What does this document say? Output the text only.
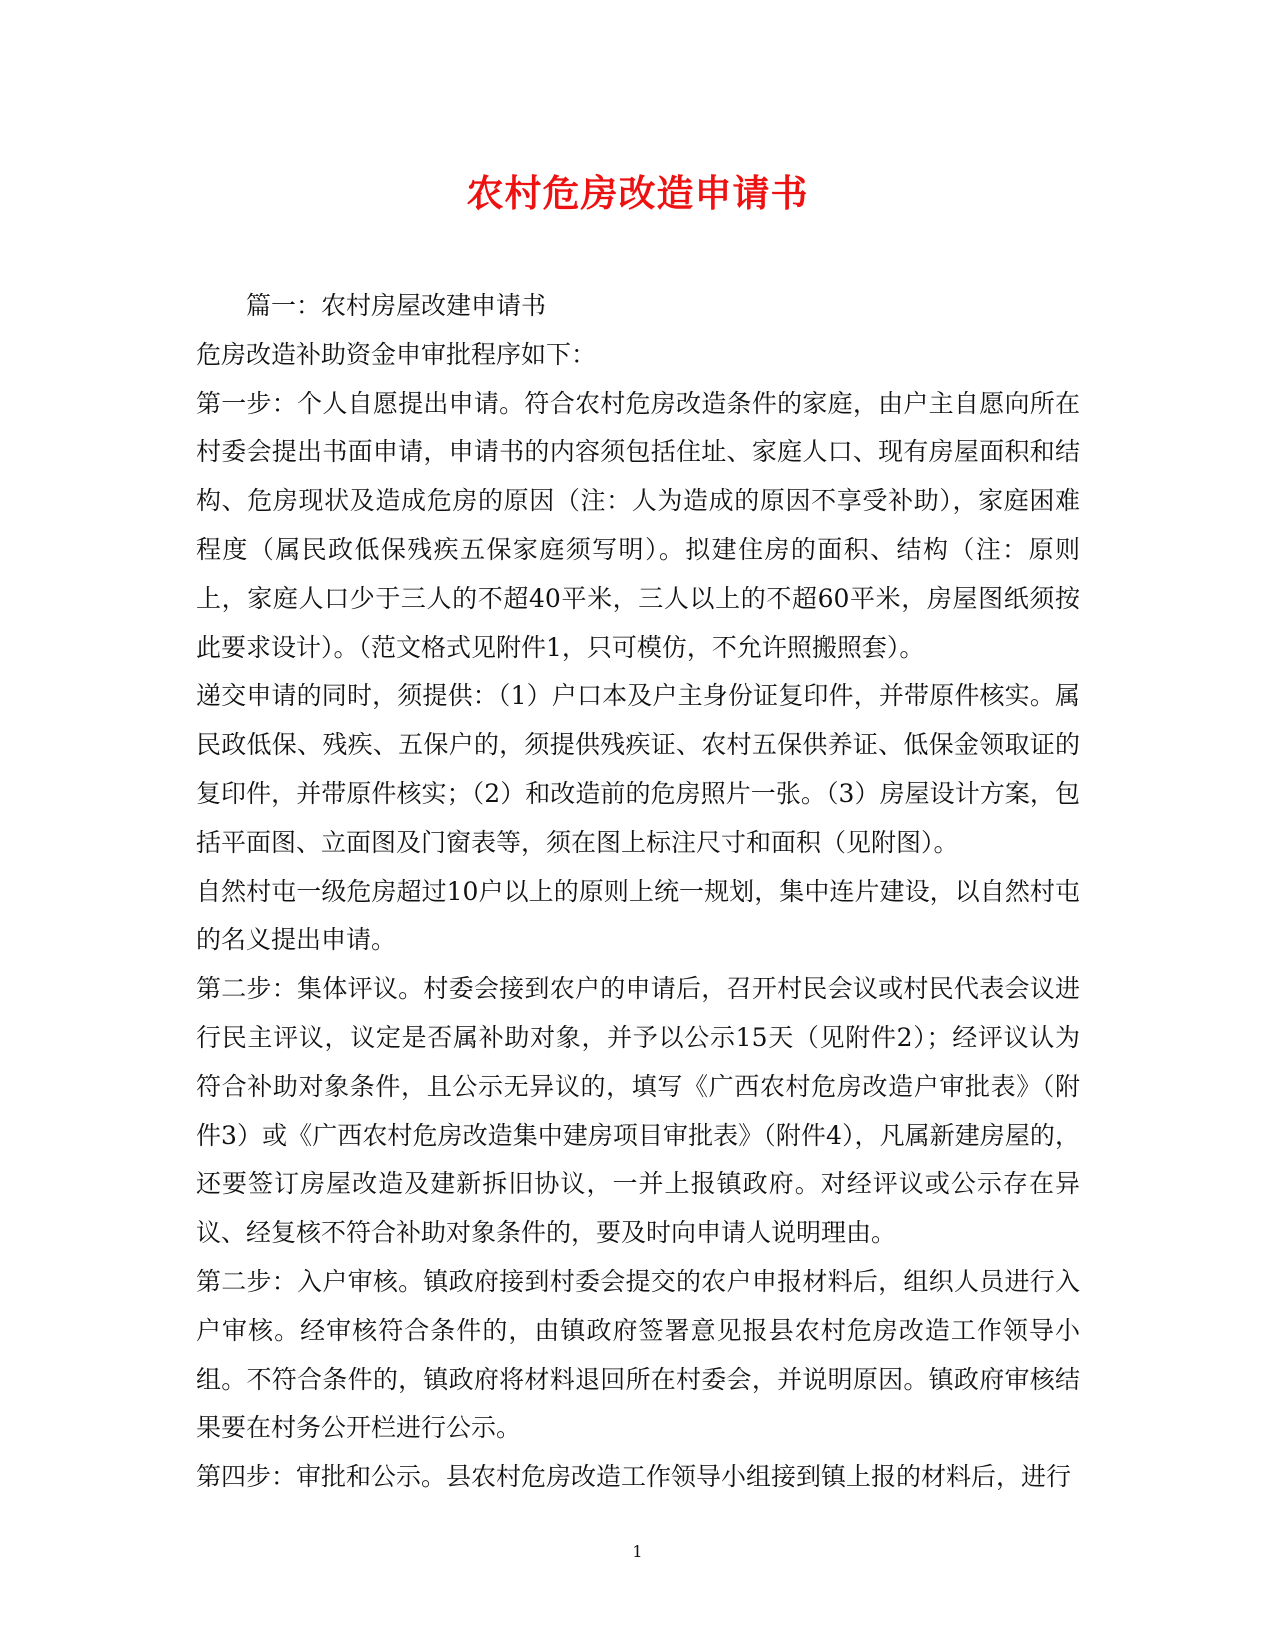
农村危房改造申请书

篇一：农村房屋改建申请书

危房改造补助资金申审批程序如下：

第一步：个人自愿提出申请。符合农村危房改造条件的家庭，由户主自愿向所在村委会提出书面申请，申请书的内容须包括住址、家庭人口、现有房屋面积和结构、危房现状及造成危房的原因（注：人为造成的原因不享受补助），家庭困难程度（属民政低保残疾五保家庭须写明）。拟建住房的面积、结构（注：原则上，家庭人口少于三人的不超40平米，三人以上的不超60平米，房屋图纸须按此要求设计）。（范文格式见附件1，只可模仿，不允许照搬照套）。

递交申请的同时，须提供：（1）户口本及户主身份证复印件，并带原件核实。属民政低保、残疾、五保户的，须提供残疾证、农村五保供养证、低保金领取证的复印件，并带原件核实；（2）和改造前的危房照片一张。（3）房屋设计方案，包括平面图、立面图及门窗表等，须在图上标注尺寸和面积（见附图）。

自然村屯一级危房超过10户以上的原则上统一规划，集中连片建设，以自然村屯的名义提出申请。

第二步：集体评议。村委会接到农户的申请后，召开村民会议或村民代表会议进行民主评议，议定是否属补助对象，并予以公示15天（见附件2）；经评议认为符合补助对象条件，且公示无异议的，填写《广西农村危房改造户审批表》（附件3）或《广西农村危房改造集中建房项目审批表》（附件4），凡属新建房屋的，还要签订房屋改造及建新拆旧协议，一并上报镇政府。对经评议或公示存在异议、经复核不符合补助对象条件的，要及时向申请人说明理由。

第二步：入户审核。镇政府接到村委会提交的农户申报材料后，组织人员进行入户审核。经审核符合条件的，由镇政府签署意见报县农村危房改造工作领导小组。不符合条件的，镇政府将材料退回所在村委会，并说明原因。镇政府审核结果要在村务公开栏进行公示。

第四步：审批和公示。县农村危房改造工作领导小组接到镇上报的材料后，进行

1
